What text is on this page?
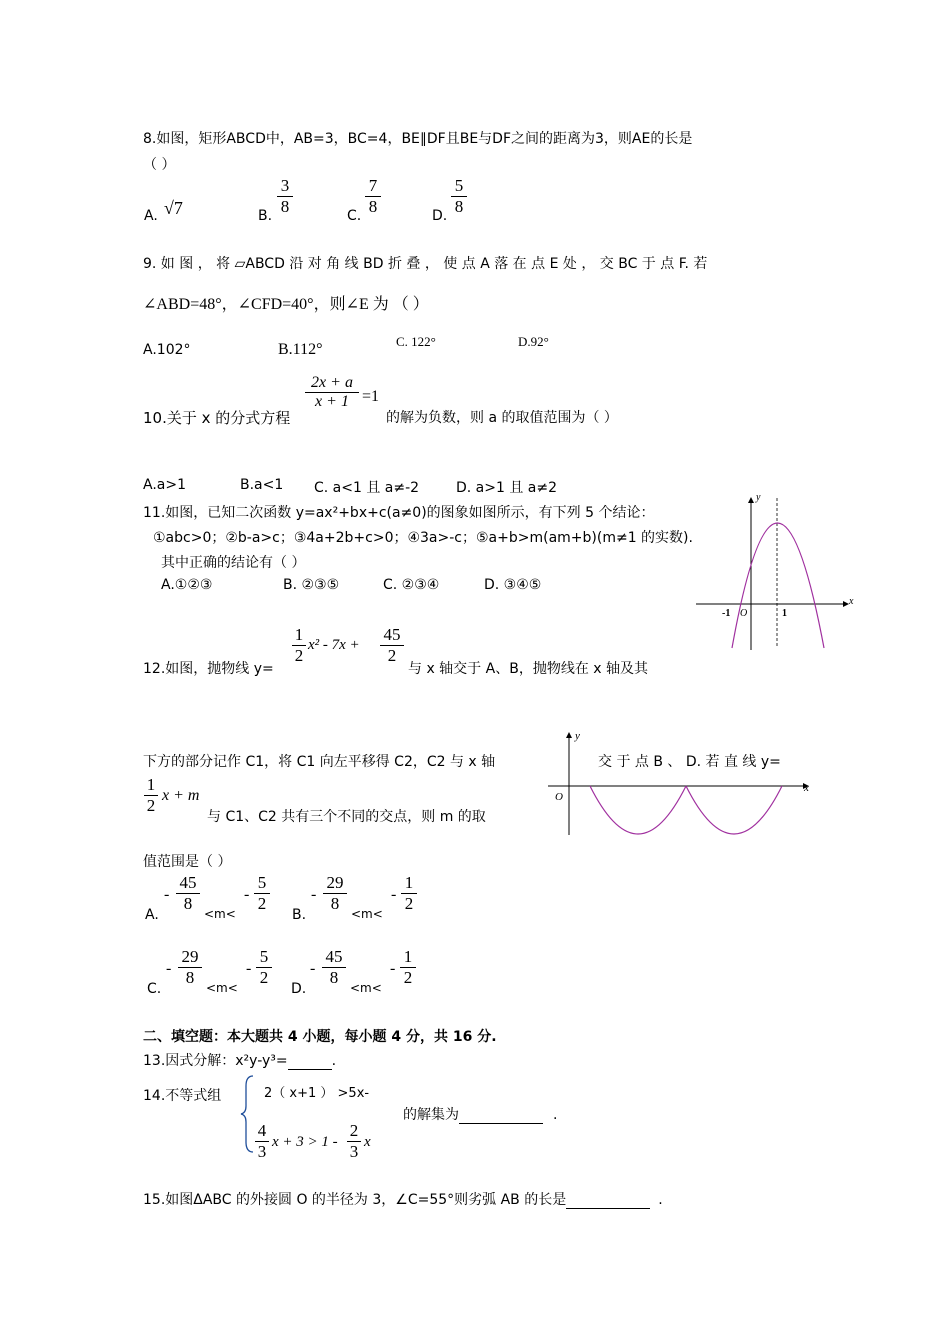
8.如图，矩形ABCD中，AB=3，BC=4，BE∥DF且BE与DF之间的距离为3，则AE的长是
（ ）
A. √7	B.
3
8	C.
7
8	D.
5
8
9. 如 图 ， 将 ▱ABCD 沿 对 角 线 BD 折 叠 ， 使 点 A 落 在 点 E 处 ， 交 BC 于 点 F. 若
∠ABD=48°，∠CFD=40°，则∠E 为 （ ）
A.102°	B.112°	C. 122°	D.92°
10.关于 x 的分式方程
2x + a
x + 1 =1
的解为负数，则 a 的取值范围为（ ）
A.a>1	B.a<1 C. a<1 且 a≠-2	D. a>1 且 a≠2
11.如图，已知二次函数 y=ax²+bx+c(a≠0)的图象如图所示，有下列 5 个结论：
①abc>0；②b-a>c；③4a+2b+c>0；④3a>-c；⑤a+b>m(am+b)(m≠1 的实数).
其中正确的结论有（ ）
A.①②③	B. ②③⑤	C. ②③④	D. ③④⑤
y
x
O
-1	1
12.如图，抛物线 y=
1
2
x² - 7x +
45
2
与 x 轴交于 A、B，抛物线在 x 轴及其
下方的部分记作 C1，将 C1 向左平移得 C2，C2 与 x 轴	交 于 点 B 、 D. 若 直 线 y=
1
2
x + m
与 C1、C2 共有三个不同的交点，则 m 的取
值范围是（ ）
y
x
O
A.
-
45
8
<m<
-
5
2
B.
-
29
8
<m<
-
1
2
C.
-
29
8
<m<
-
5
2
D.
-
45
8
<m<
-
1
2
二、填空题：本大题共 4 小题，每小题 4 分，共 16 分.
13.因式分解：x²y-y³=	.
14.不等式组	2（ x+1 ） >5x-
4
3 x + 3 > 1 -
2
3 x
的解集为	.
15.如图ΔABC 的外接圆 O 的半径为 3，∠C=55°则劣弧 AB 的长是	.
